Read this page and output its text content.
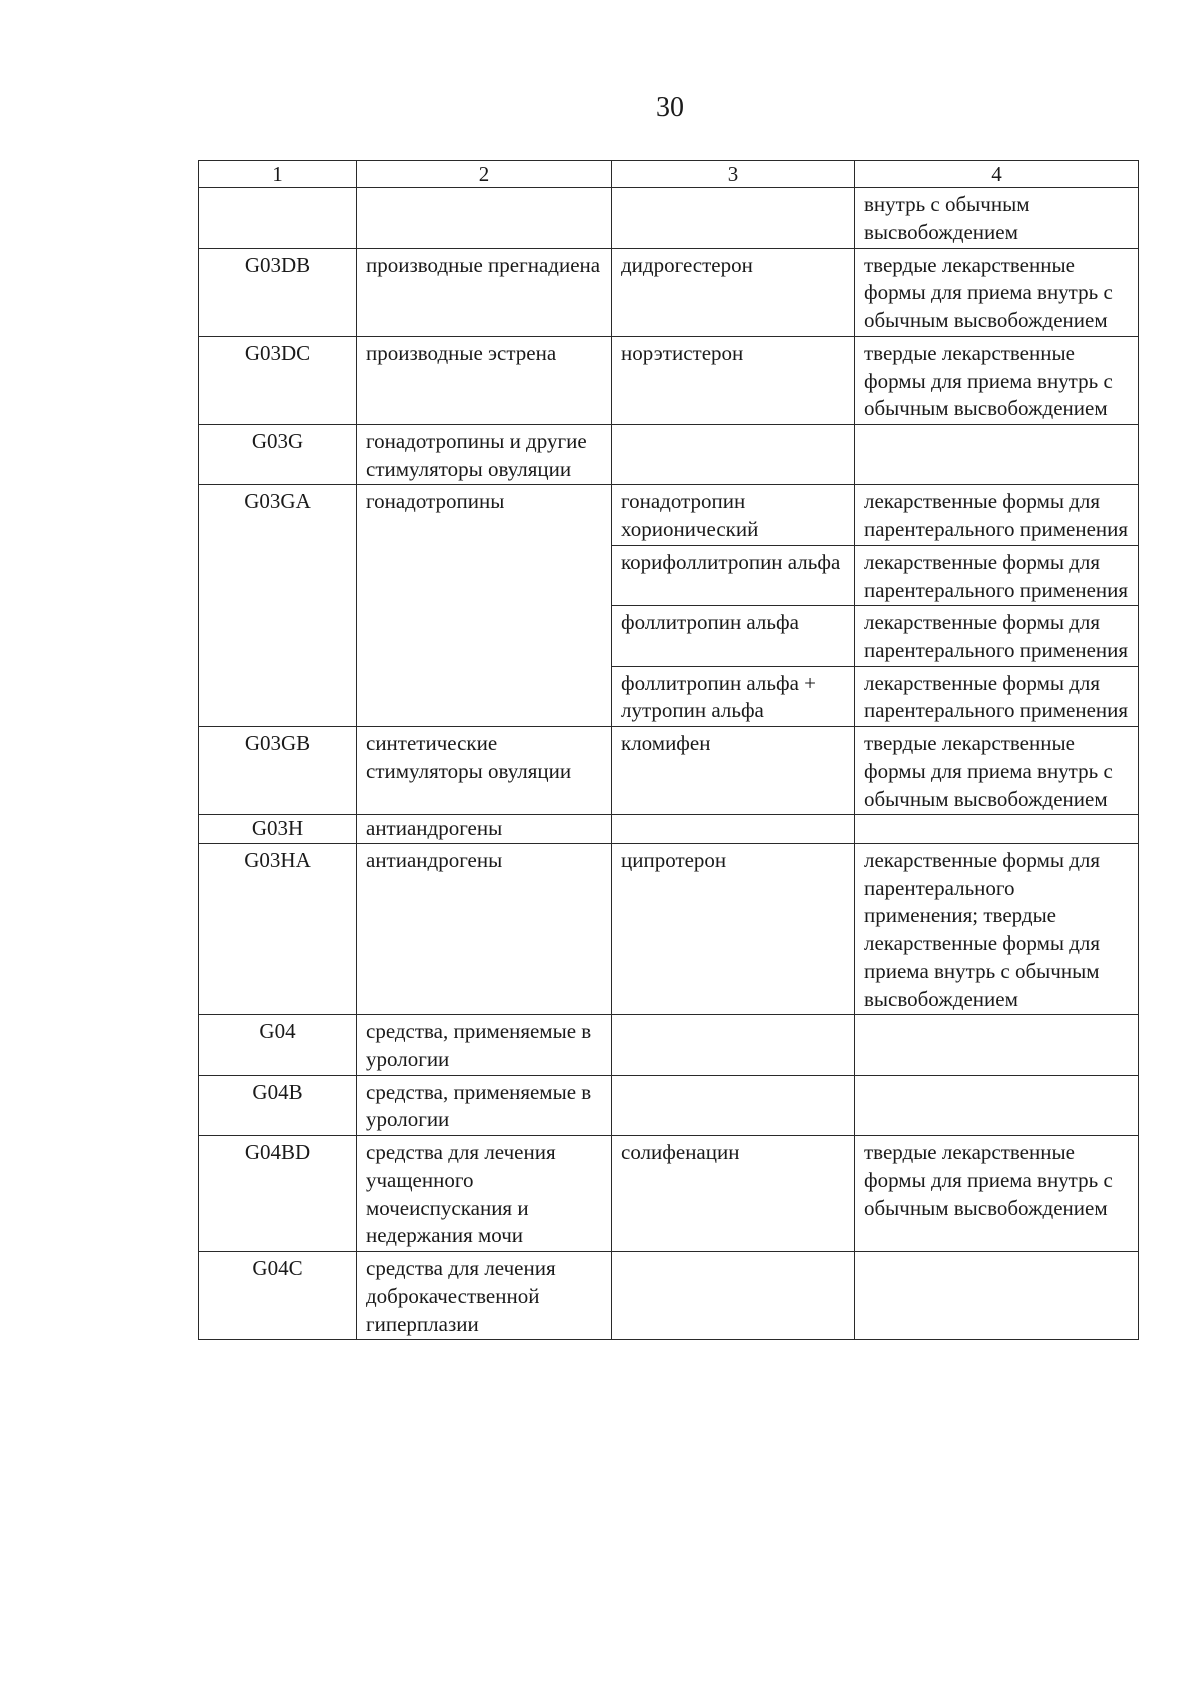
30
1	2	3	4
			внутрь с обычным высвобождением
G03DB	производные прегнадиена	дидрогестерон	твердые лекарственные формы для приема внутрь с обычным высвобождением
G03DC	производные эстрена	норэтистерон	твердые лекарственные формы для приема внутрь с обычным высвобождением
G03G	гонадотропины и другие стимуляторы овуляции		
G03GA	гонадотропины	гонадотропин хорионический	лекарственные формы для парентерального применения
		корифоллитропин альфа	лекарственные формы для парентерального применения
		фоллитропин альфа	лекарственные формы для парентерального применения
		фоллитропин альфа + лутропин альфа	лекарственные формы для парентерального применения
G03GB	синтетические стимуляторы овуляции	кломифен	твердые лекарственные формы для приема внутрь с обычным высвобождением
G03H	антиандрогены		
G03HA	антиандрогены	ципротерон	лекарственные формы для парентерального применения; твердые лекарственные формы для приема внутрь с обычным высвобождением
G04	средства, применяемые в урологии		
G04B	средства, применяемые в урологии		
G04BD	средства для лечения учащенного мочеиспускания и недержания мочи	солифенацин	твердые лекарственные формы для приема внутрь с обычным высвобождением
G04C	средства для лечения доброкачественной гиперплазии		
